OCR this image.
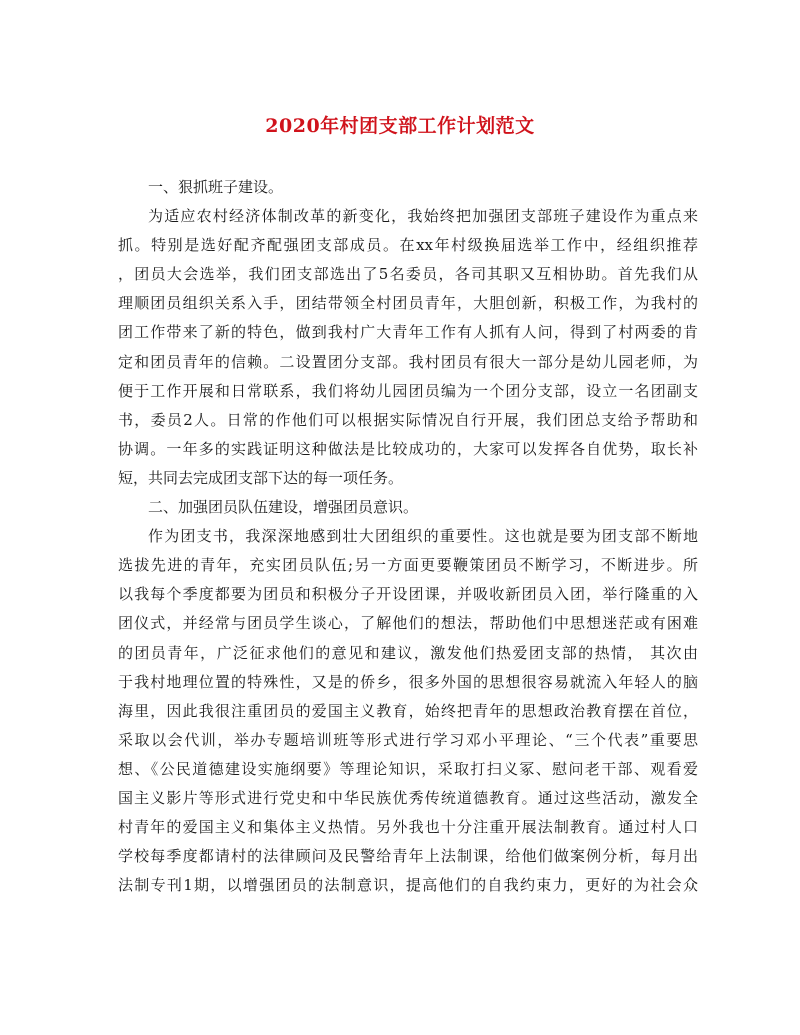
2020年村团支部工作计划范文
一、狠抓班子建设。
为适应农村经济体制改革的新变化，我始终把加强团支部班子建设作为重点来
抓。特别是选好配齐配强团支部成员。在xx年村级换届选举工作中，经组织推荐
，团员大会选举，我们团支部选出了5名委员，各司其职又互相协助。首先我们从
理顺团员组织关系入手，团结带领全村团员青年，大胆创新，积极工作，为我村的
团工作带来了新的特色，做到我村广大青年工作有人抓有人问，得到了村两委的肯
定和团员青年的信赖。二设置团分支部。我村团员有很大一部分是幼儿园老师，为
便于工作开展和日常联系，我们将幼儿园团员编为一个团分支部，设立一名团副支
书，委员2人。日常的作他们可以根据实际情况自行开展，我们团总支给予帮助和
协调。一年多的实践证明这种做法是比较成功的，大家可以发挥各自优势，取长补
短，共同去完成团支部下达的每一项任务。
二、加强团员队伍建设，增强团员意识。
作为团支书，我深深地感到壮大团组织的重要性。这也就是要为团支部不断地
选拔先进的青年，充实团员队伍;另一方面更要鞭策团员不断学习，不断进步。所
以我每个季度都要为团员和积极分子开设团课，并吸收新团员入团，举行隆重的入
团仪式，并经常与团员学生谈心，了解他们的想法，帮助他们中思想迷茫或有困难
的团员青年，广泛征求他们的意见和建议，激发他们热爱团支部的热情， 其次由
于我村地理位置的特殊性，又是的侨乡，很多外国的思想很容易就流入年轻人的脑
海里，因此我很注重团员的爱国主义教育，始终把青年的思想政治教育摆在首位，
采取以会代训，举办专题培训班等形式进行学习邓小平理论、“三个代表”重要思
想、《公民道德建设实施纲要》等理论知识，采取打扫义冢、慰问老干部、观看爱
国主义影片等形式进行党史和中华民族优秀传统道德教育。通过这些活动，激发全
村青年的爱国主义和集体主义热情。另外我也十分注重开展法制教育。通过村人口
学校每季度都请村的法律顾问及民警给青年上法制课，给他们做案例分析，每月出
法制专刊1期，以增强团员的法制意识，提高他们的自我约束力，更好的为社会众
